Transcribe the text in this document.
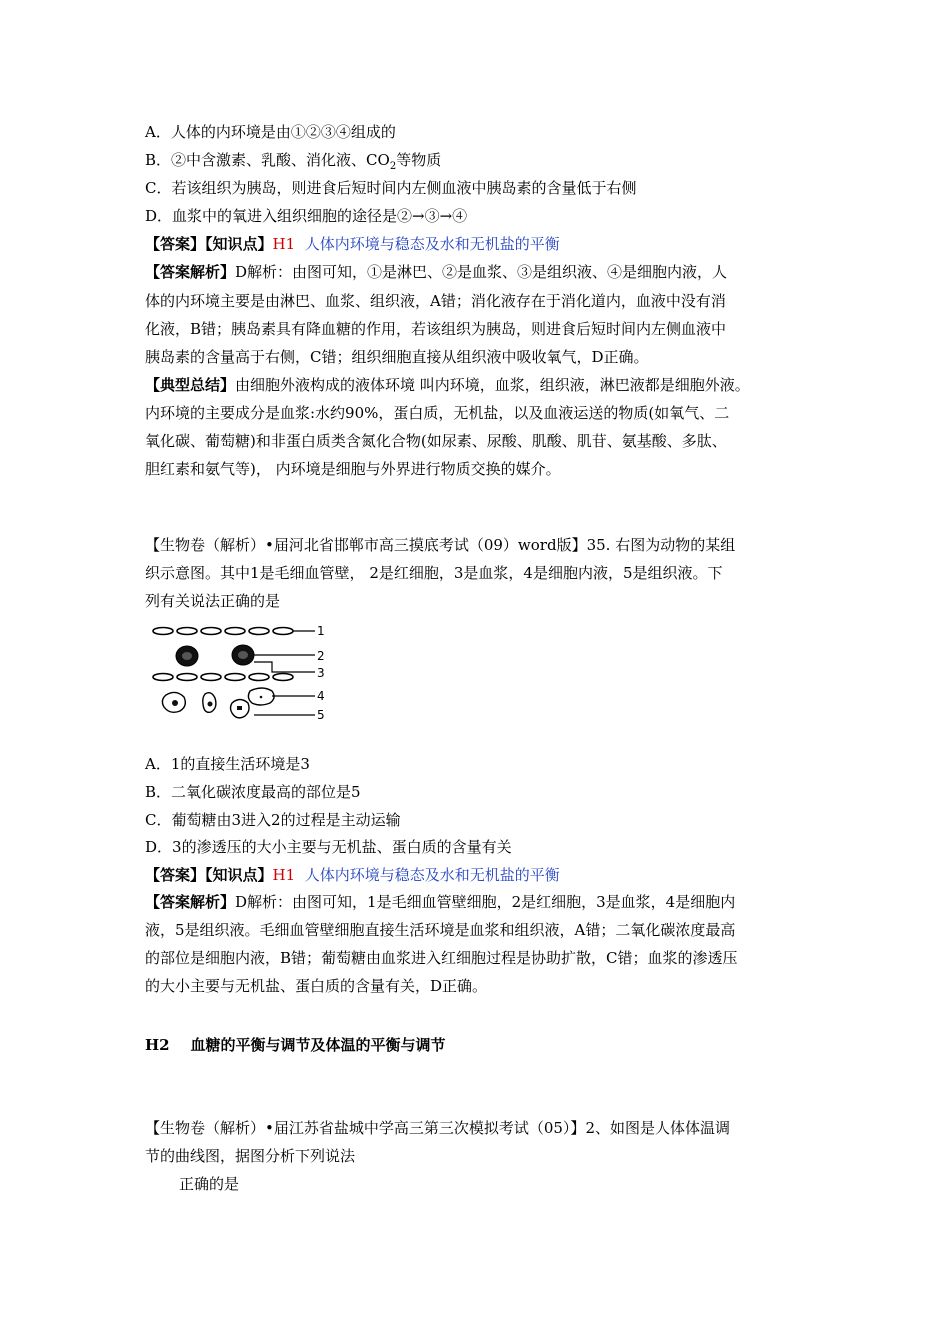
A．人体的内环境是由①②③④组成的
B．②中含激素、乳酸、消化液、$CO_2$等物质
C．若该组织为胰岛，则进食后短时间内左侧血液中胰岛素的含量低于右侧
D．血浆中的氧进入组织细胞的途径是②→③→④
【答案】【知识点】H1 人体内环境与稳态及水和无机盐的平衡
【答案解析】D解析：由图可知，①是淋巴、②是血浆、③是组织液、④是细胞内液，人
体的内环境主要是由淋巴、血浆、组织液，A错；消化液存在于消化道内，血液中没有消
化液，B错；胰岛素具有降血糖的作用，若该组织为胰岛，则进食后短时间内左侧血液中
胰岛素的含量高于右侧，C错；组织细胞直接从组织液中吸收氧气，D正确。
【典型总结】由细胞外液构成的液体环境 叫内环境，血浆，组织液，淋巴液都是细胞外液。
内环境的主要成分是血浆:水约90%，蛋白质，无机盐，以及血液运送的物质(如氧气、二
氧化碳、葡萄糖)和非蛋白质类含氮化合物(如尿素、尿酸、肌酸、肌苷、氨基酸、多肽、
胆红素和氨气等)， 内环境是细胞与外界进行物质交换的媒介。
【生物卷（解析）•届河北省邯郸市高三摸底考试（09）word版】35. 右图为动物的某组
织示意图。其中1是毛细血管壁， 2是红细胞，3是血浆，4是细胞内液，5是组织液。下
列有关说法正确的是
1
2
3
4
5
A．1的直接生活环境是3
B．二氧化碳浓度最高的部位是5
C．葡萄糖由3进入2的过程是主动运输
D．3的渗透压的大小主要与无机盐、蛋白质的含量有关
【答案】【知识点】H1 人体内环境与稳态及水和无机盐的平衡
【答案解析】D解析：由图可知，1是毛细血管壁细胞，2是红细胞，3是血浆，4是细胞内
液，5是组织液。毛细血管壁细胞直接生活环境是血浆和组织液，A错；二氧化碳浓度最高
的部位是细胞内液，B错；葡萄糖由血浆进入红细胞过程是协助扩散，C错；血浆的渗透压
的大小主要与无机盐、蛋白质的含量有关，D正确。
H2 血糖的平衡与调节及体温的平衡与调节
【生物卷（解析）•届江苏省盐城中学高三第三次模拟考试（05）】2、如图是人体体温调
节的曲线图，据图分析下列说法
正确的是
